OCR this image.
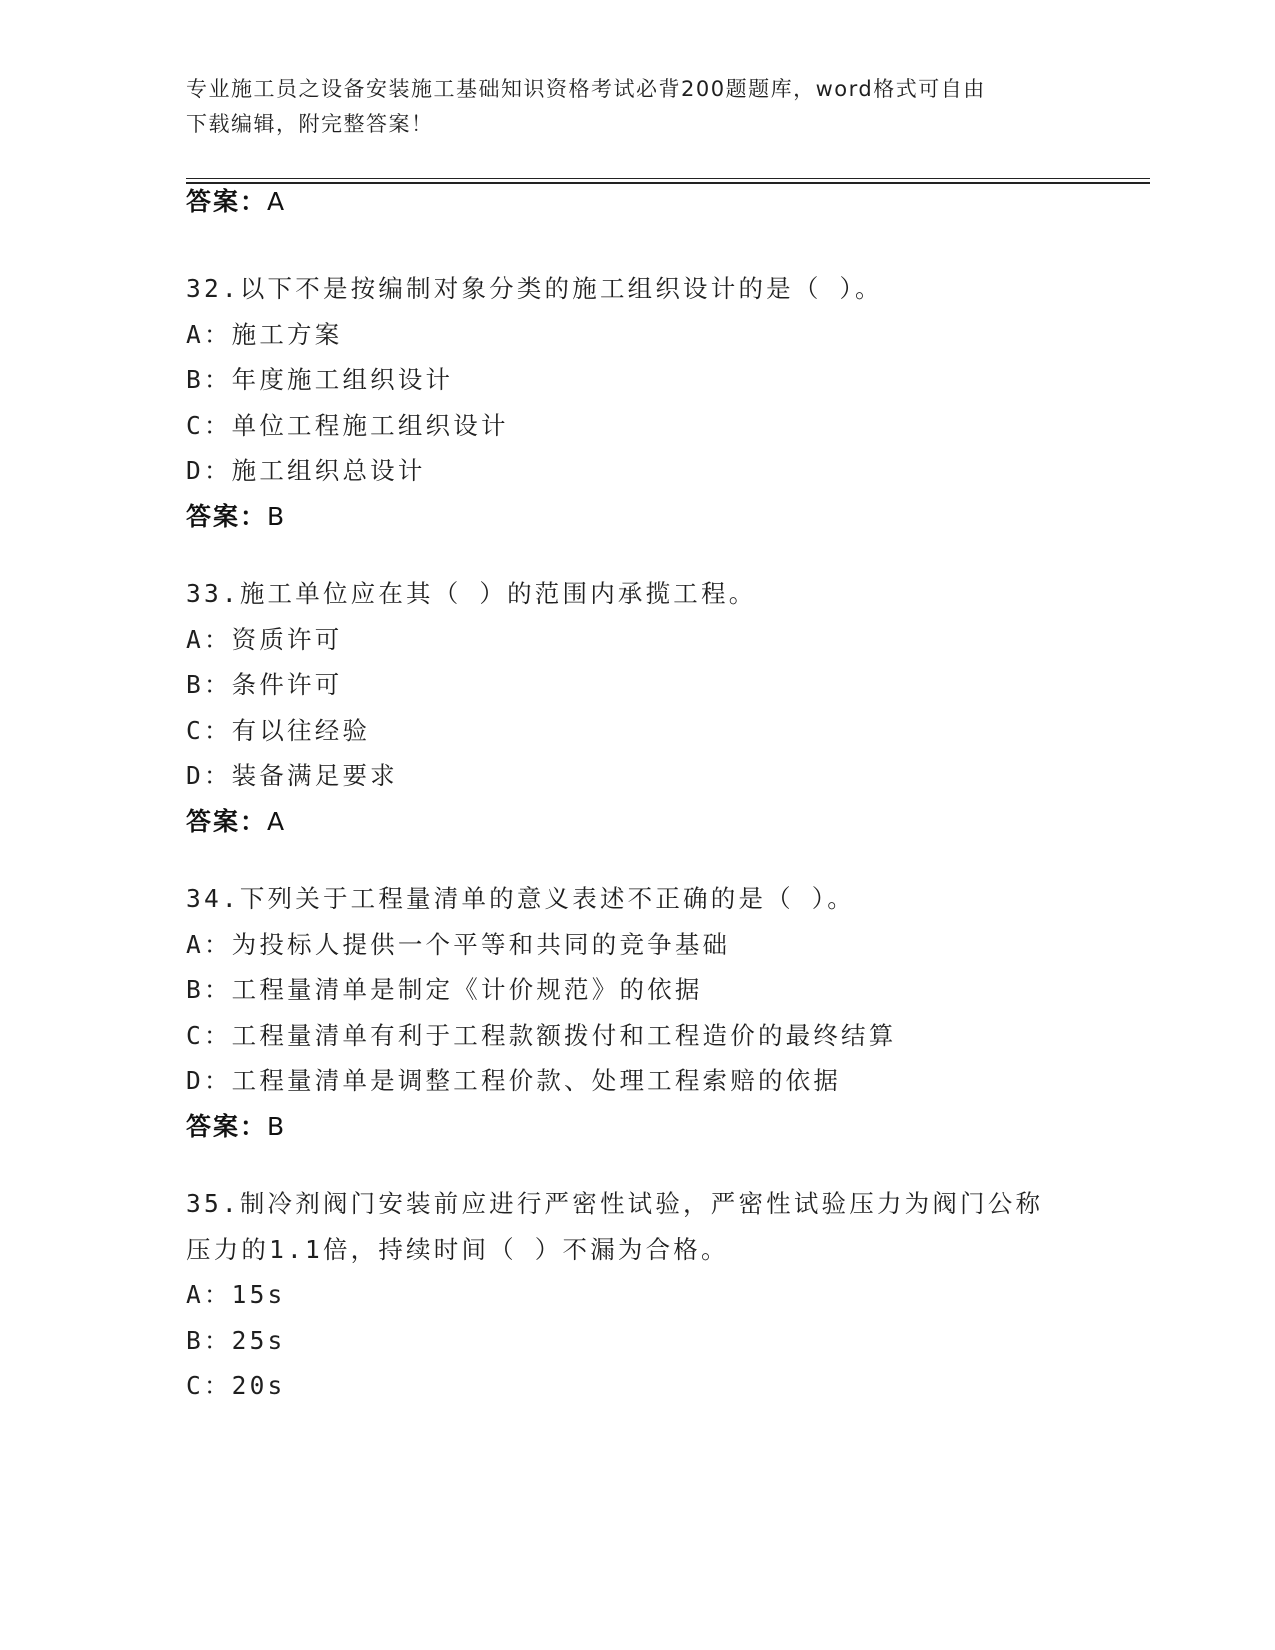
专业施工员之设备安装施工基础知识资格考试必背200题题库，word格式可自由
下载编辑，附完整答案！
答案：A
32.以下不是按编制对象分类的施工组织设计的是（ ）。
A：施工方案
B：年度施工组织设计
C：单位工程施工组织设计
D：施工组织总设计
答案：B
33.施工单位应在其（ ）的范围内承揽工程。
A：资质许可
B：条件许可
C：有以往经验
D：装备满足要求
答案：A
34.下列关于工程量清单的意义表述不正确的是（ ）。
A：为投标人提供一个平等和共同的竞争基础
B：工程量清单是制定《计价规范》的依据
C：工程量清单有利于工程款额拨付和工程造价的最终结算
D：工程量清单是调整工程价款、处理工程索赔的依据
答案：B
35.制冷剂阀门安装前应进行严密性试验，严密性试验压力为阀门公称
压力的1.1倍，持续时间（ ）不漏为合格。
A：15s
B：25s
C：20s
